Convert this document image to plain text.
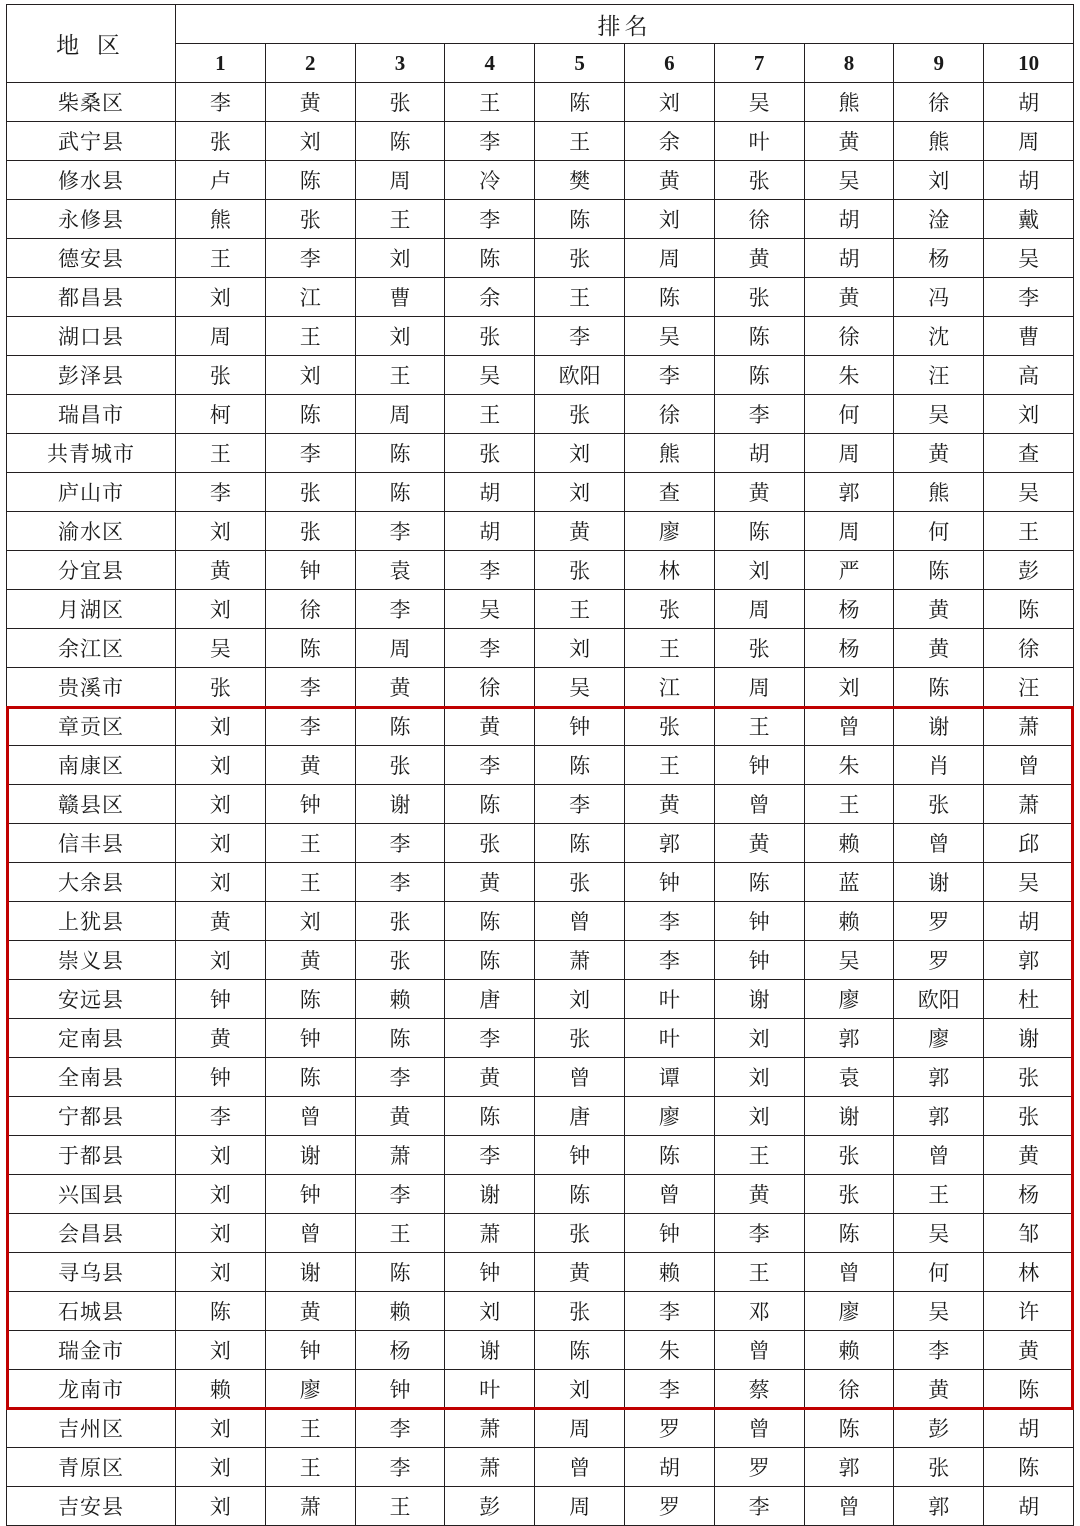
地 区	排名									
	1	2	3	4	5	6	7	8	9	10
柴桑区	李	黄	张	王	陈	刘	吴	熊	徐	胡
武宁县	张	刘	陈	李	王	余	叶	黄	熊	周
修水县	卢	陈	周	冷	樊	黄	张	吴	刘	胡
永修县	熊	张	王	李	陈	刘	徐	胡	淦	戴
德安县	王	李	刘	陈	张	周	黄	胡	杨	吴
都昌县	刘	江	曹	余	王	陈	张	黄	冯	李
湖口县	周	王	刘	张	李	吴	陈	徐	沈	曹
彭泽县	张	刘	王	吴	欧阳	李	陈	朱	汪	高
瑞昌市	柯	陈	周	王	张	徐	李	何	吴	刘
共青城市	王	李	陈	张	刘	熊	胡	周	黄	查
庐山市	李	张	陈	胡	刘	查	黄	郭	熊	吴
渝水区	刘	张	李	胡	黄	廖	陈	周	何	王
分宜县	黄	钟	袁	李	张	林	刘	严	陈	彭
月湖区	刘	徐	李	吴	王	张	周	杨	黄	陈
余江区	吴	陈	周	李	刘	王	张	杨	黄	徐
贵溪市	张	李	黄	徐	吴	江	周	刘	陈	汪
章贡区	刘	李	陈	黄	钟	张	王	曾	谢	萧
南康区	刘	黄	张	李	陈	王	钟	朱	肖	曾
赣县区	刘	钟	谢	陈	李	黄	曾	王	张	萧
信丰县	刘	王	李	张	陈	郭	黄	赖	曾	邱
大余县	刘	王	李	黄	张	钟	陈	蓝	谢	吴
上犹县	黄	刘	张	陈	曾	李	钟	赖	罗	胡
崇义县	刘	黄	张	陈	萧	李	钟	吴	罗	郭
安远县	钟	陈	赖	唐	刘	叶	谢	廖	欧阳	杜
定南县	黄	钟	陈	李	张	叶	刘	郭	廖	谢
全南县	钟	陈	李	黄	曾	谭	刘	袁	郭	张
宁都县	李	曾	黄	陈	唐	廖	刘	谢	郭	张
于都县	刘	谢	萧	李	钟	陈	王	张	曾	黄
兴国县	刘	钟	李	谢	陈	曾	黄	张	王	杨
会昌县	刘	曾	王	萧	张	钟	李	陈	吴	邹
寻乌县	刘	谢	陈	钟	黄	赖	王	曾	何	林
石城县	陈	黄	赖	刘	张	李	邓	廖	吴	许
瑞金市	刘	钟	杨	谢	陈	朱	曾	赖	李	黄
龙南市	赖	廖	钟	叶	刘	李	蔡	徐	黄	陈
吉州区	刘	王	李	萧	周	罗	曾	陈	彭	胡
青原区	刘	王	李	萧	曾	胡	罗	郭	张	陈
吉安县	刘	萧	王	彭	周	罗	李	曾	郭	胡
